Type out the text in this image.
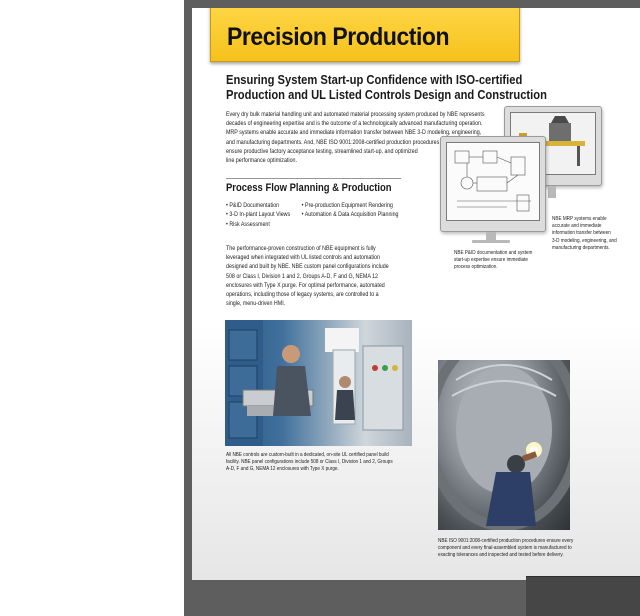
Precision Production
Ensuring System Start-up Confidence with ISO-certified
Production and UL Listed Controls Design and Construction
Every dry bulk material handling unit and automated material processing system produced by NBE represents
decades of engineering expertise and is the outcome of a technologically advanced manufacturing operation.
MRP systems enable accurate and immediate information transfer between NBE 3-D modeling, engineering,
and manufacturing departments. And, NBE ISO 9001:2008-certified production procedures
ensure productive factory acceptance testing, streamlined start-up, and optimized
line performance optimization.
Process Flow Planning & Production
• P&ID Documentation	• Pre-production Equipment Rendering
• 3-D In-plant Layout Views	• Automation & Data Acquisition Planning
• Risk Assessment
The performance-proven construction of NBE equipment is fully
leveraged when integrated with UL listed controls and automation
designed and built by NBE. NBE custom panel configurations include
508 or Class I, Division 1 and 2, Groups A-D, F and G, NEMA 12
enclosures with Type X purge. For optimal performance, automated
operations, including those of legacy systems, are controlled to a
single, menu-driven HMI.
NBE MRP systems enable
accurate and immediate
information transfer between
3-D modeling, engineering, and
manufacturing departments.
NBE P&ID documentation and system
start-up expertise ensure immediate
process optimization.
All NBE controls are custom-built in a dedicated, on-site UL certified panel build
facility. NBE panel configurations include 508 or Class I, Division 1 and 2, Groups
A-D, F and G, NEMA 12 enclosures with Type X purge.
NBE ISO 9001:2008-certified production procedures ensure every
component and every final-assembled system is manufactured to
exacting tolerances and inspected and tested before delivery.
